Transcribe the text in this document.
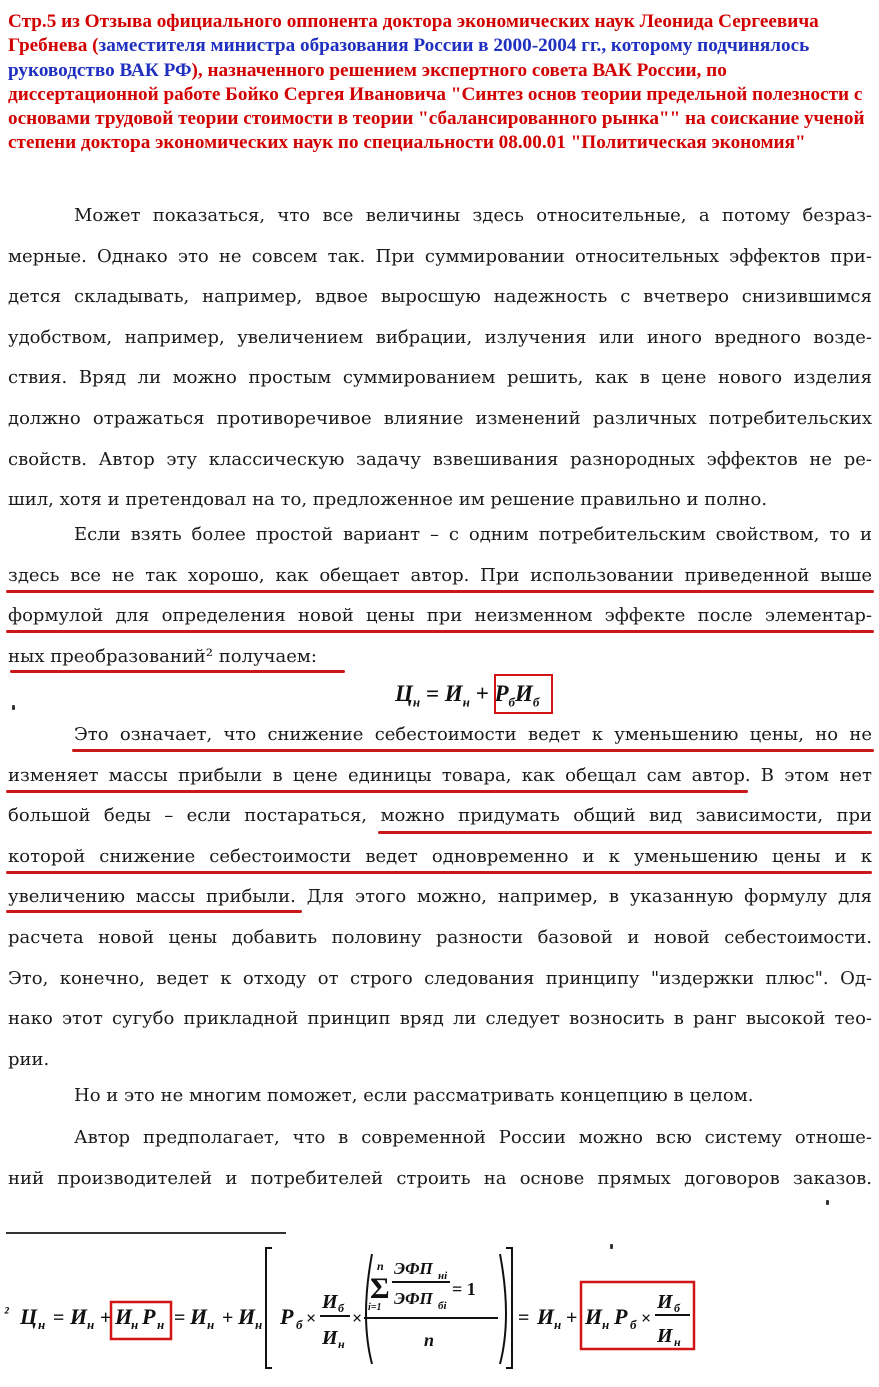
Стр.5 из Отзыва официального оппонента доктора экономических наук Леонида Сергеевича Гребнева (заместителя министра образования России в 2000-2004 гг., которому подчинялось руководство ВАК РФ), назначенного решением экспертного совета ВАК России, по диссертационной работе Бойко Сергея Ивановича "Синтез основ теории предельной полезности с основами трудовой теории стоимости в теории "сбалансированного рынка"" на соискание ученой степени доктора экономических наук по специальности 08.00.01 "Политическая экономия"

Может показаться, что все величины здесь относительные, а потому безраз-
мерные. Однако это не совсем так. При суммировании относительных эффектов при-
дется складывать, например, вдвое выросшую надежность с вчетверо снизившимся
удобством, например, увеличением вибрации, излучения или иного вредного возде-
ствия. Вряд ли можно простым суммированием решить, как в цене нового изделия
должно отражаться противоречивое влияние изменений различных потребительских
свойств. Автор эту классическую задачу взвешивания разнородных эффектов не ре-
шил, хотя и претендовал на то, предложенное им решение правильно и полно.

Если взять более простой вариант – с одним потребительским свойством, то и
здесь все не так хорошо, как обещает автор. При использовании приведенной выше
формулой для определения новой цены при неизменном эффекте после элементар-
ных преобразований² получаем:

$Ц_н = И_н + Р_бИ_б$

Это означает, что снижение себестоимости ведет к уменьшению цены, но не
изменяет массы прибыли в цене единицы товара, как обещал сам автор. В этом нет
большой беды – если постараться, можно придумать общий вид зависимости, при
которой снижение себестоимости ведет одновременно и к уменьшению цены и к
увеличению массы прибыли. Для этого можно, например, в указанную формулу для
расчета новой цены добавить половину разности базовой и новой себестоимости.
Это, конечно, ведет к отходу от строго следования принципу "издержки плюс". Од-
нако этот сугубо прикладной принцип вряд ли следует возносить в ранг высокой тео-
рии.

Но и это не многим поможет, если рассматривать концепцию в целом.

Автор предполагает, что в современной России можно всю систему отноше-
ний производителей и потребителей строить на основе прямых договоров заказов.

² Ц н = И н + И
н Р н = И н + И н Р б ×
И б
И н
×
n
Σ
i=1
ЭФП нi
ЭФП бi
= 1
n
= И н + И н Р б ×
И б
И н
